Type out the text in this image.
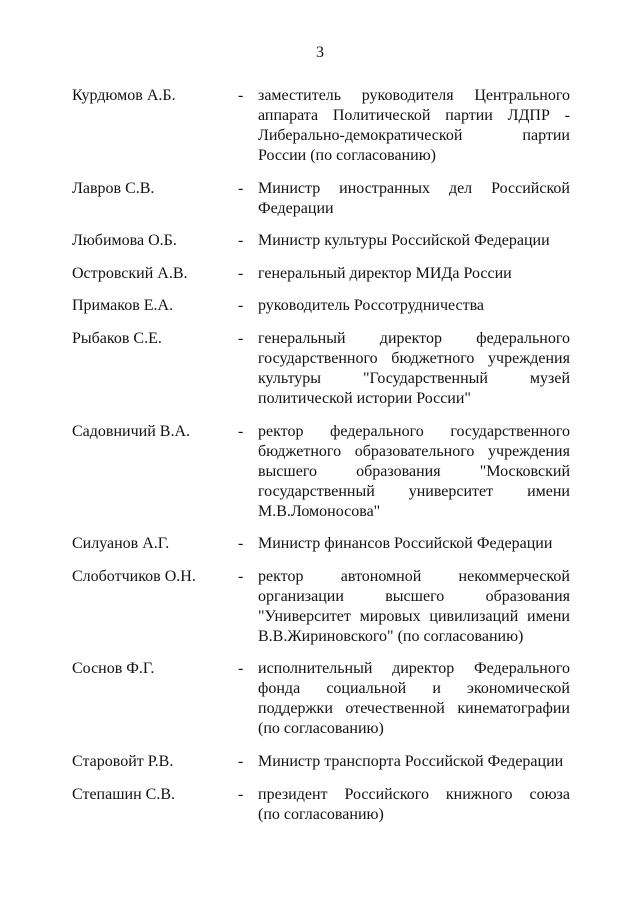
3
Курдюмов А.Б.	- заместитель руководителя Центрального
аппарата Политической партии ЛДПР -
Либерально-демократической	партии
России (по согласованию)
Лавров С.В.	- Министр иностранных дел Российской
Федерации
Любимова О.Б.	- Министр культуры Российской Федерации
Островский А.В.	- генеральный директор МИДа России
Примаков Е.А.	- руководитель Россотрудничества
Рыбаков С.Е.	- генеральный директор федерального
государственного бюджетного учреждения
культуры	"Государственный	музей
политической истории России"
Садовничий В.А.	- ректор федерального государственного
бюджетного образовательного учреждения
высшего образования "Московский
государственный университет имени
М.В.Ломоносова"
Силуанов А.Г.	- Министр финансов Российской Федерации
Слоботчиков О.Н.	- ректор автономной некоммерческой
организации	высшего	образования
"Университет мировых цивилизаций имени
В.В.Жириновского" (по согласованию)
Соснов Ф.Г.	- исполнительный директор Федерального
фонда социальной и экономической
поддержки отечественной кинематографии
(по согласованию)
Старовойт Р.В.	- Министр транспорта Российской Федерации
Степашин С.В.	- президент Российского книжного союза
(по согласованию)
